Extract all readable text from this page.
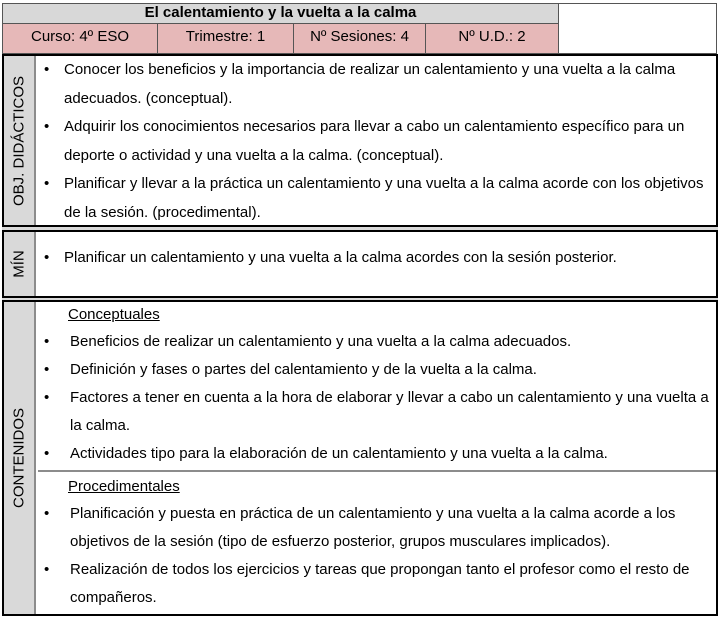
El calentamiento y la vuelta a la calma
Curso: 4º ESO	Trimestre: 1	Nº Sesiones: 4	Nº U.D.: 2
OBJ. DIDÁCTICOS
• Conocer los beneficios y la importancia de realizar un calentamiento y una vuelta a la calma adecuados. (conceptual).
• Adquirir los conocimientos necesarios para llevar a cabo un calentamiento específico para un deporte o actividad y una vuelta a la calma. (conceptual).
• Planificar y llevar a la práctica un calentamiento y una vuelta a la calma acorde con los objetivos de la sesión. (procedimental).
MÍN
•	Planificar un calentamiento y una vuelta a la calma acordes con la sesión posterior.
CONTENIDOS
Conceptuales
• Beneficios de realizar un calentamiento y una vuelta a la calma adecuados.
• Definición y fases o partes del calentamiento y de la vuelta a la calma.
• Factores a tener en cuenta a la hora de elaborar y llevar a cabo un calentamiento y una vuelta a la calma.
• Actividades tipo para la elaboración de un calentamiento y una vuelta a la calma.
Procedimentales
• Planificación y puesta en práctica de un calentamiento y una vuelta a la calma acorde a los objetivos de la sesión (tipo de esfuerzo posterior, grupos musculares implicados).
• Realización de todos los ejercicios y tareas que propongan tanto el profesor como el resto de compañeros.
